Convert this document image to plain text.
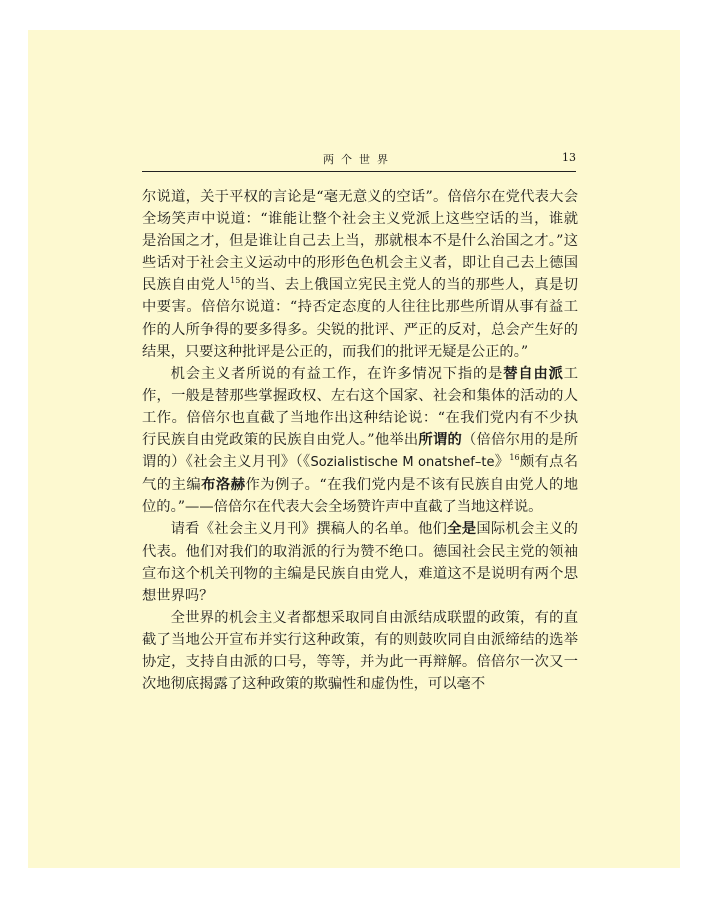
两个世界	13

尔说道，关于平权的言论是“毫无意义的空话”。倍倍尔在党代表大会全场笑声中说道：“谁能让整个社会主义党派上这些空话的当，谁就是治国之才，但是谁让自己去上当，那就根本不是什么治国之才。”这些话对于社会主义运动中的形形色色机会主义者，即让自己去上德国民族自由党人$^{15}$的当、去上俄国立宪民主党人的当的那些人，真是切中要害。倍倍尔说道：“持否定态度的人往往比那些所谓从事有益工作的人所争得的要多得多。尖锐的批评、严正的反对，总会产生好的结果，只要这种批评是公正的，而我们的批评无疑是公正的。”

机会主义者所说的有益工作，在许多情况下指的是替自由派工作，一般是替那些掌握政权、左右这个国家、社会和集体的活动的人工作。倍倍尔也直截了当地作出这种结论说：“在我们党内有不少执行民族自由党政策的民族自由党人。”他举出所谓的（倍倍尔用的是所谓的）《社会主义月刊》（《Sozialistische M onatshef–te》$^{16}$颇有点名气的主编布洛赫作为例子。“在我们党内是不该有民族自由党人的地位的。”——倍倍尔在代表大会全场赞许声中直截了当地这样说。

请看《社会主义月刊》撰稿人的名单。他们全是国际机会主义的代表。他们对我们的取消派的行为赞不绝口。德国社会民主党的领袖宣布这个机关刊物的主编是民族自由党人，难道这不是说明有两个思想世界吗？

全世界的机会主义者都想采取同自由派结成联盟的政策，有的直截了当地公开宣布并实行这种政策，有的则鼓吹同自由派缔结的选举协定，支持自由派的口号，等等，并为此一再辩解。倍倍尔一次又一次地彻底揭露了这种政策的欺骗性和虚伪性，可以毫不
